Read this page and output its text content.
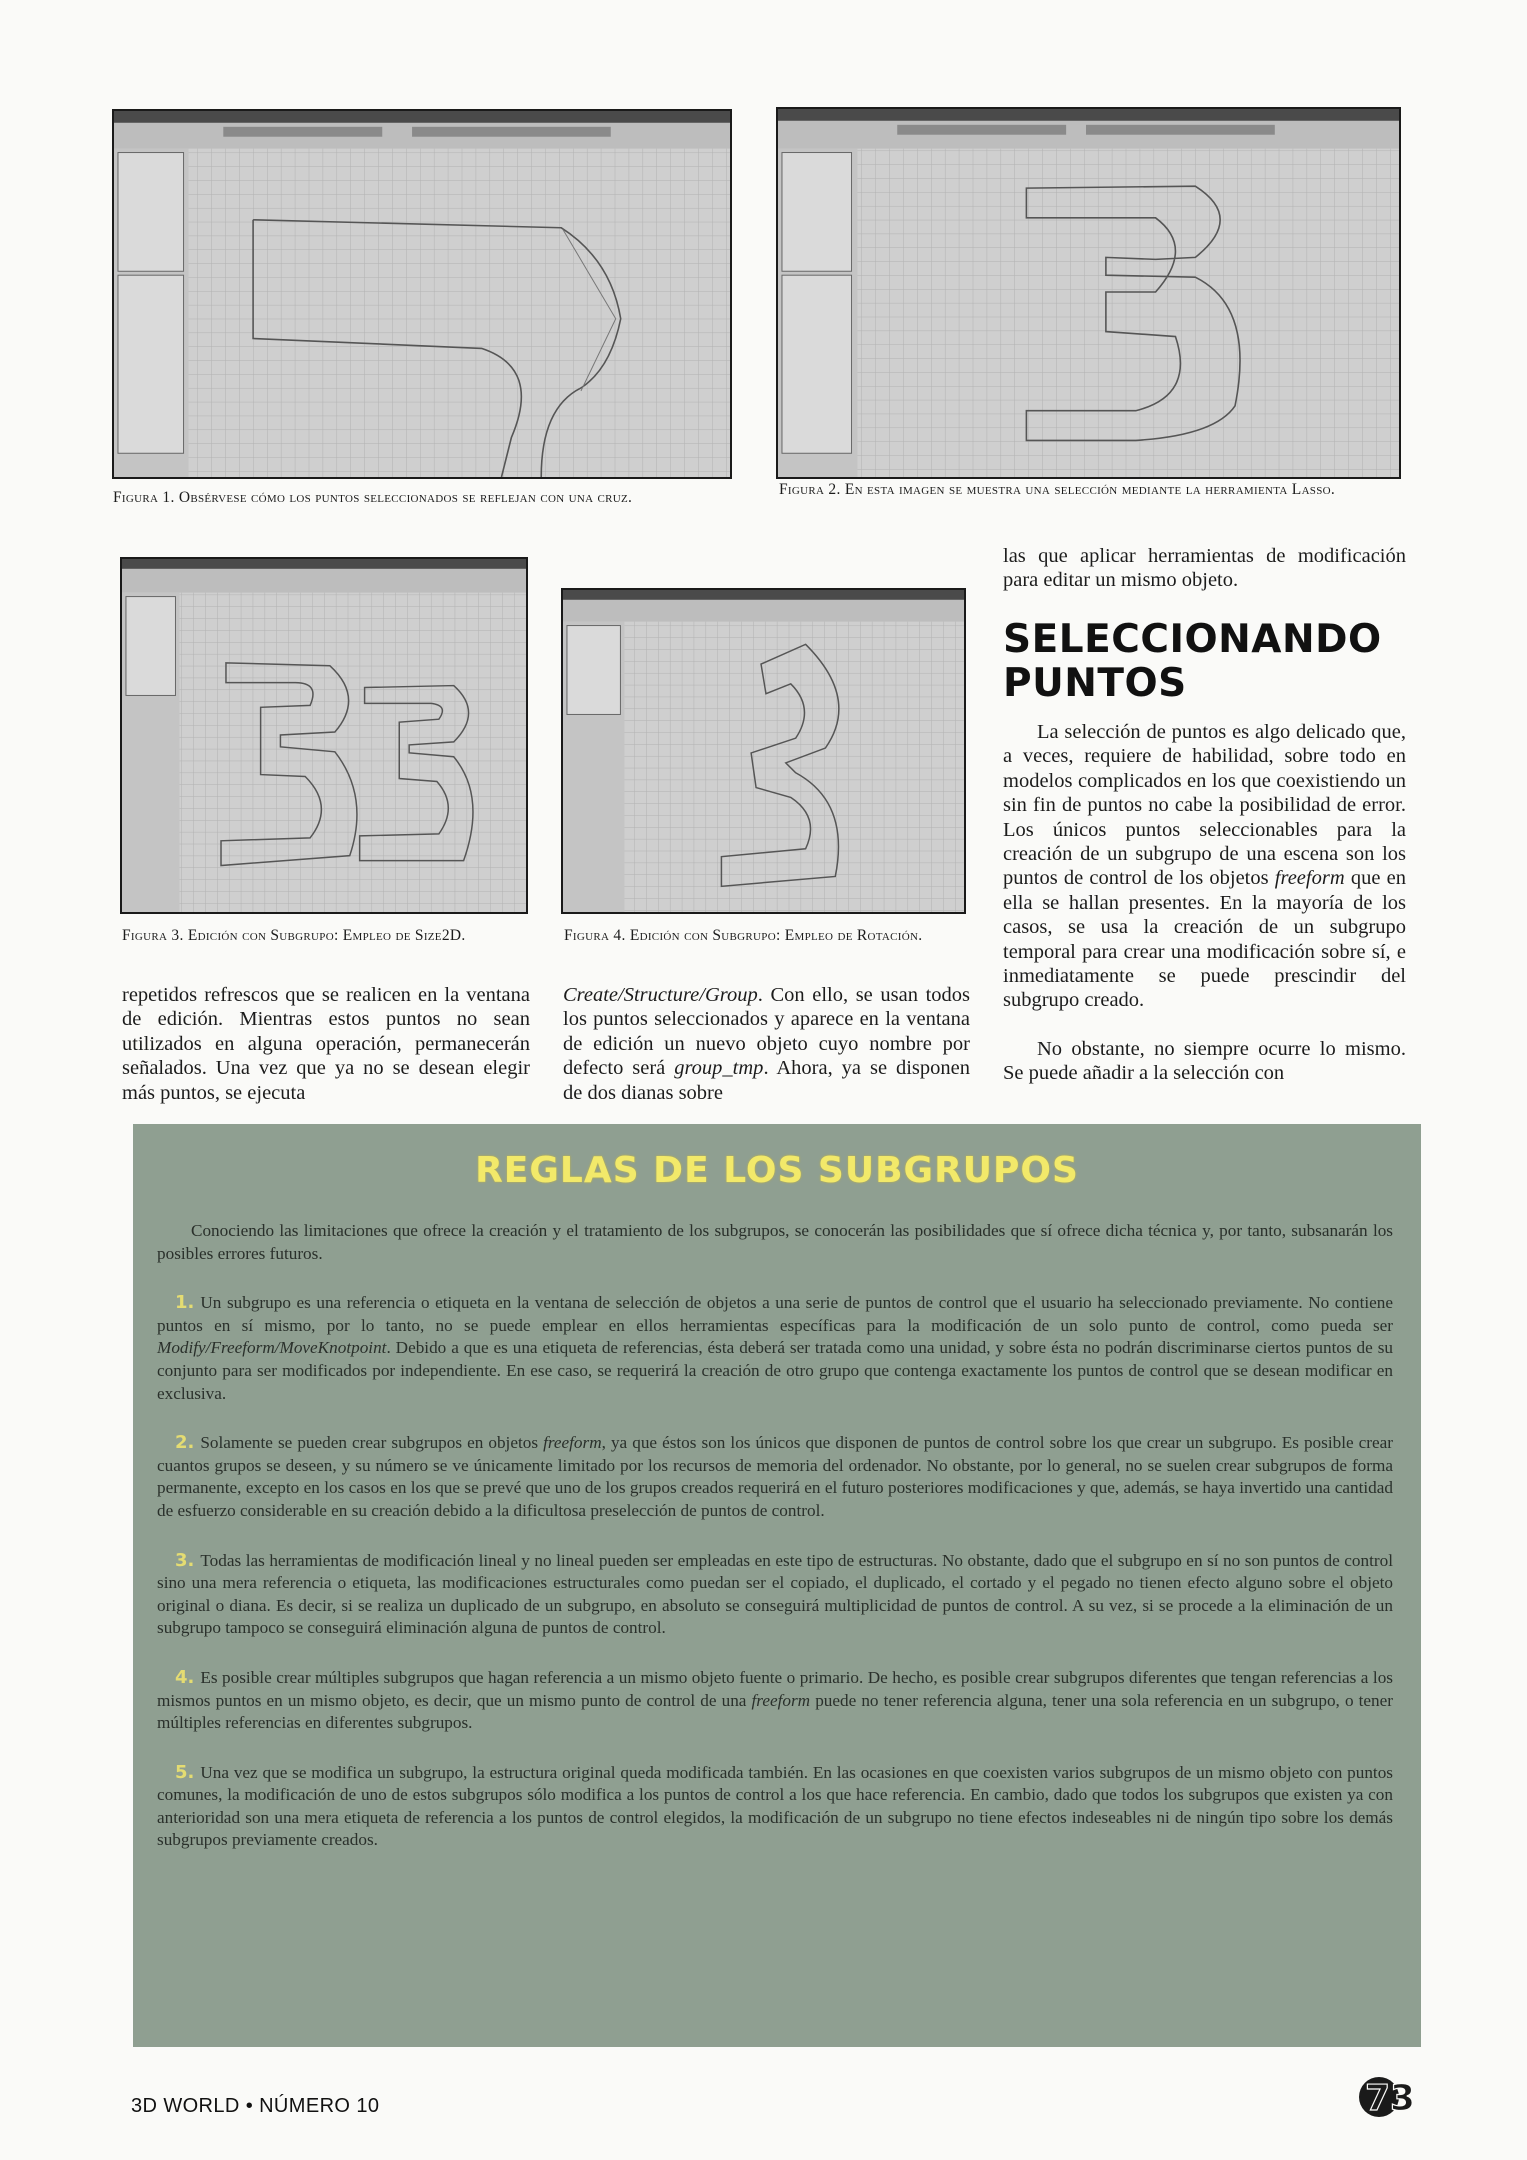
Figura 1. Obsérvese cómo los puntos seleccionados se reflejan con una cruz.	Figura 2. En esta imagen se muestra una selección mediante la herramienta Lasso.
Figura 3. Edición con Subgrupo: Empleo de Size2D.	Figura 4. Edición con Subgrupo: Empleo de Rotación.

repetidos refrescos que se realicen en la ventana de edición. Mientras estos puntos no sean utilizados en alguna operación, permanecerán señalados. Una vez que ya no se desean elegir más puntos, se ejecuta

Create/Structure/Group. Con ello, se usan todos los puntos seleccionados y aparece en la ventana de edición un nuevo objeto cuyo nombre por defecto será group_tmp. Ahora, ya se disponen de dos dianas sobre

las que aplicar herramientas de modificación para editar un mismo objeto.

SELECCIONANDO PUNTOS

La selección de puntos es algo delicado que, a veces, requiere de habilidad, sobre todo en modelos complicados en los que coexistiendo un sin fin de puntos no cabe la posibilidad de error. Los únicos puntos seleccionables para la creación de un subgrupo de una escena son los puntos de control de los objetos freeform que en ella se hallan presentes. En la mayoría de los casos, se usa la creación de un subgrupo temporal para crear una modificación sobre sí, e inmediatamente se puede prescindir del subgrupo creado.

No obstante, no siempre ocurre lo mismo. Se puede añadir a la selección con

REGLAS DE LOS SUBGRUPOS

Conociendo las limitaciones que ofrece la creación y el tratamiento de los subgrupos, se conocerán las posibilidades que sí ofrece dicha técnica y, por tanto, subsanarán los posibles errores futuros.

1. Un subgrupo es una referencia o etiqueta en la ventana de selección de objetos a una serie de puntos de control que el usuario ha seleccionado previamente. No contiene puntos en sí mismo, por lo tanto, no se puede emplear en ellos herramientas específicas para la modificación de un solo punto de control, como pueda ser Modify/Freeform/MoveKnotpoint. Debido a que es una etiqueta de referencias, ésta deberá ser tratada como una unidad, y sobre ésta no podrán discriminarse ciertos puntos de su conjunto para ser modificados por independiente. En ese caso, se requerirá la creación de otro grupo que contenga exactamente los puntos de control que se desean modificar en exclusiva.

2. Solamente se pueden crear subgrupos en objetos freeform, ya que éstos son los únicos que disponen de puntos de control sobre los que crear un subgrupo. Es posible crear cuantos grupos se deseen, y su número se ve únicamente limitado por los recursos de memoria del ordenador. No obstante, por lo general, no se suelen crear subgrupos de forma permanente, excepto en los casos en los que se prevé que uno de los grupos creados requerirá en el futuro posteriores modificaciones y que, además, se haya invertido una cantidad de esfuerzo considerable en su creación debido a la dificultosa preselección de puntos de control.

3. Todas las herramientas de modificación lineal y no lineal pueden ser empleadas en este tipo de estructuras. No obstante, dado que el subgrupo en sí no son puntos de control sino una mera referencia o etiqueta, las modificaciones estructurales como puedan ser el copiado, el duplicado, el cortado y el pegado no tienen efecto alguno sobre el objeto original o diana. Es decir, si se realiza un duplicado de un subgrupo, en absoluto se conseguirá multiplicidad de puntos de control. A su vez, si se procede a la eliminación de un subgrupo tampoco se conseguirá eliminación alguna de puntos de control.

4. Es posible crear múltiples subgrupos que hagan referencia a un mismo objeto fuente o primario. De hecho, es posible crear subgrupos diferentes que tengan referencias a los mismos puntos en un mismo objeto, es decir, que un mismo punto de control de una freeform puede no tener referencia alguna, tener una sola referencia en un subgrupo, o tener múltiples referencias en diferentes subgrupos.

5. Una vez que se modifica un subgrupo, la estructura original queda modificada también. En las ocasiones en que coexisten varios subgrupos de un mismo objeto con puntos comunes, la modificación de uno de estos subgrupos sólo modifica a los puntos de control a los que hace referencia. En cambio, dado que todos los subgrupos que existen ya con anterioridad son una mera etiqueta de referencia a los puntos de control elegidos, la modificación de un subgrupo no tiene efectos indeseables ni de ningún tipo sobre los demás subgrupos previamente creados.

3D WORLD • NÚMERO 10	73
